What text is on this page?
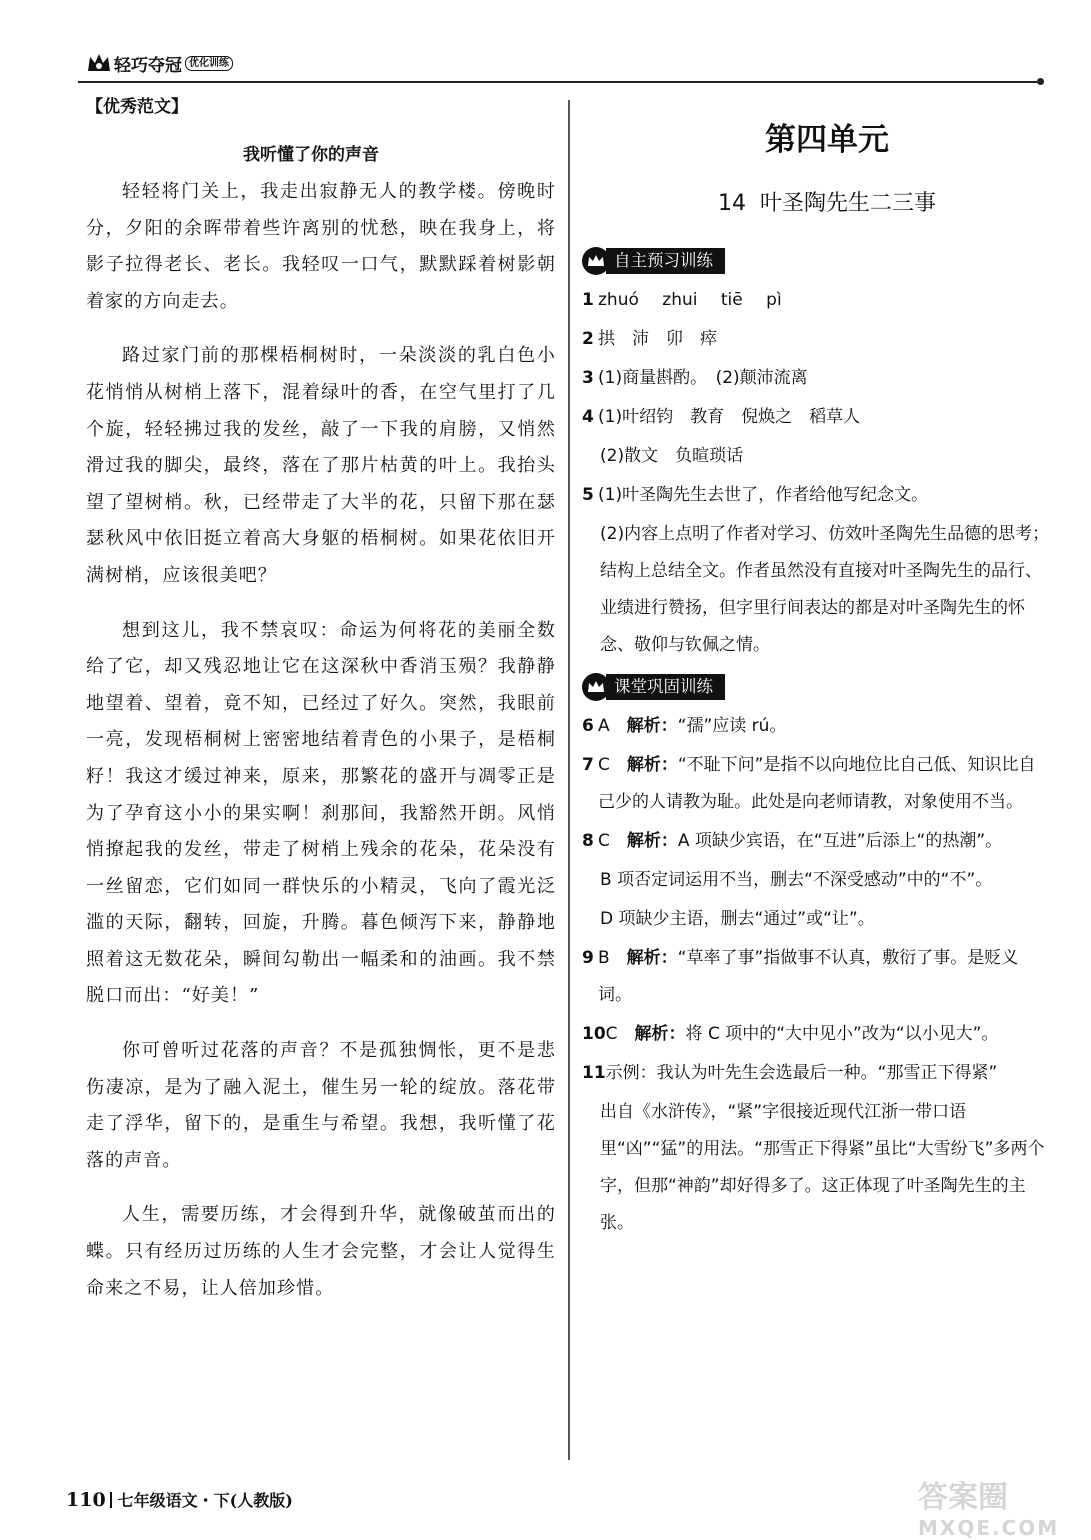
轻巧夺冠 优化训练
【优秀范文】
我听懂了你的声音

轻轻将门关上，我走出寂静无人的教学楼。傍晚时分，夕阳的余晖带着些许离别的忧愁，映在我身上，将影子拉得老长、老长。我轻叹一口气，默默踩着树影朝着家的方向走去。

路过家门前的那棵梧桐树时，一朵淡淡的乳白色小花悄悄从树梢上落下，混着绿叶的香，在空气里打了几个旋，轻轻拂过我的发丝，敲了一下我的肩膀，又悄然滑过我的脚尖，最终，落在了那片枯黄的叶上。我抬头望了望树梢。秋，已经带走了大半的花，只留下那在瑟瑟秋风中依旧挺立着高大身躯的梧桐树。如果花依旧开满树梢，应该很美吧？

想到这儿，我不禁哀叹：命运为何将花的美丽全数给了它，却又残忍地让它在这深秋中香消玉殒？我静静地望着、望着，竟不知，已经过了好久。突然，我眼前一亮，发现梧桐树上密密地结着青色的小果子，是梧桐籽！我这才缓过神来，原来，那繁花的盛开与凋零正是为了孕育这小小的果实啊！刹那间，我豁然开朗。风悄悄撩起我的发丝，带走了树梢上残余的花朵，花朵没有一丝留恋，它们如同一群快乐的小精灵，飞向了霞光泛滥的天际，翻转，回旋，升腾。暮色倾泻下来，静静地照着这无数花朵，瞬间勾勒出一幅柔和的油画。我不禁脱口而出：“好美！”

你可曾听过花落的声音？不是孤独惆怅，更不是悲伤凄凉，是为了融入泥土，催生另一轮的绽放。落花带走了浮华，留下的，是重生与希望。我想，我听懂了花落的声音。

人生，需要历练，才会得到升华，就像破茧而出的蝶。只有经历过历练的人生才会完整，才会让人觉得生命来之不易，让人倍加珍惜。

第四单元
14 叶圣陶先生二三事
自主预习训练
1 zhuó zhui tiē pì
2 拱　沛　卯　瘁
3 (1)商量斟酌。　(2)颠沛流离
4 (1)叶绍钧　教育　倪焕之　稻草人
(2)散文　负暄琐话
5 (1)叶圣陶先生去世了，作者给他写纪念文。
(2)内容上点明了作者对学习、仿效叶圣陶先生品德的思考；结构上总结全文。作者虽然没有直接对叶圣陶先生的品行、业绩进行赞扬，但字里行间表达的都是对叶圣陶先生的怀念、敬仰与钦佩之情。
课堂巩固训练
6 A　 解析：“孺”应读 rú。
7 C　 解析：“不耻下问”是指不以向地位比自己低、知识比自己少的人请教为耻。此处是向老师请教，对象使用不当。
8 C　 解析：A 项缺少宾语，在“互进”后添上“的热潮”。
B 项否定词运用不当，删去“不深受感动”中的“不”。
D 项缺少主语，删去“通过”或“让”。
9 B　 解析：“草率了事”指做事不认真，敷衍了事。是贬义词。
10 C　 解析：将 C 项中的“大中见小”改为“以小见大”。
11 示例：我认为叶先生会选最后一种。“那雪正下得紧”
出自《水浒传》，“紧”字很接近现代江浙一带口语里“凶”“猛”的用法。“那雪正下得紧”虽比“大雪纷飞”多两个字，但那“神韵”却好得多了。这正体现了叶圣陶先生的主张。
110 七年级语文・下(人教版)	答案圈
MXQE.COM
